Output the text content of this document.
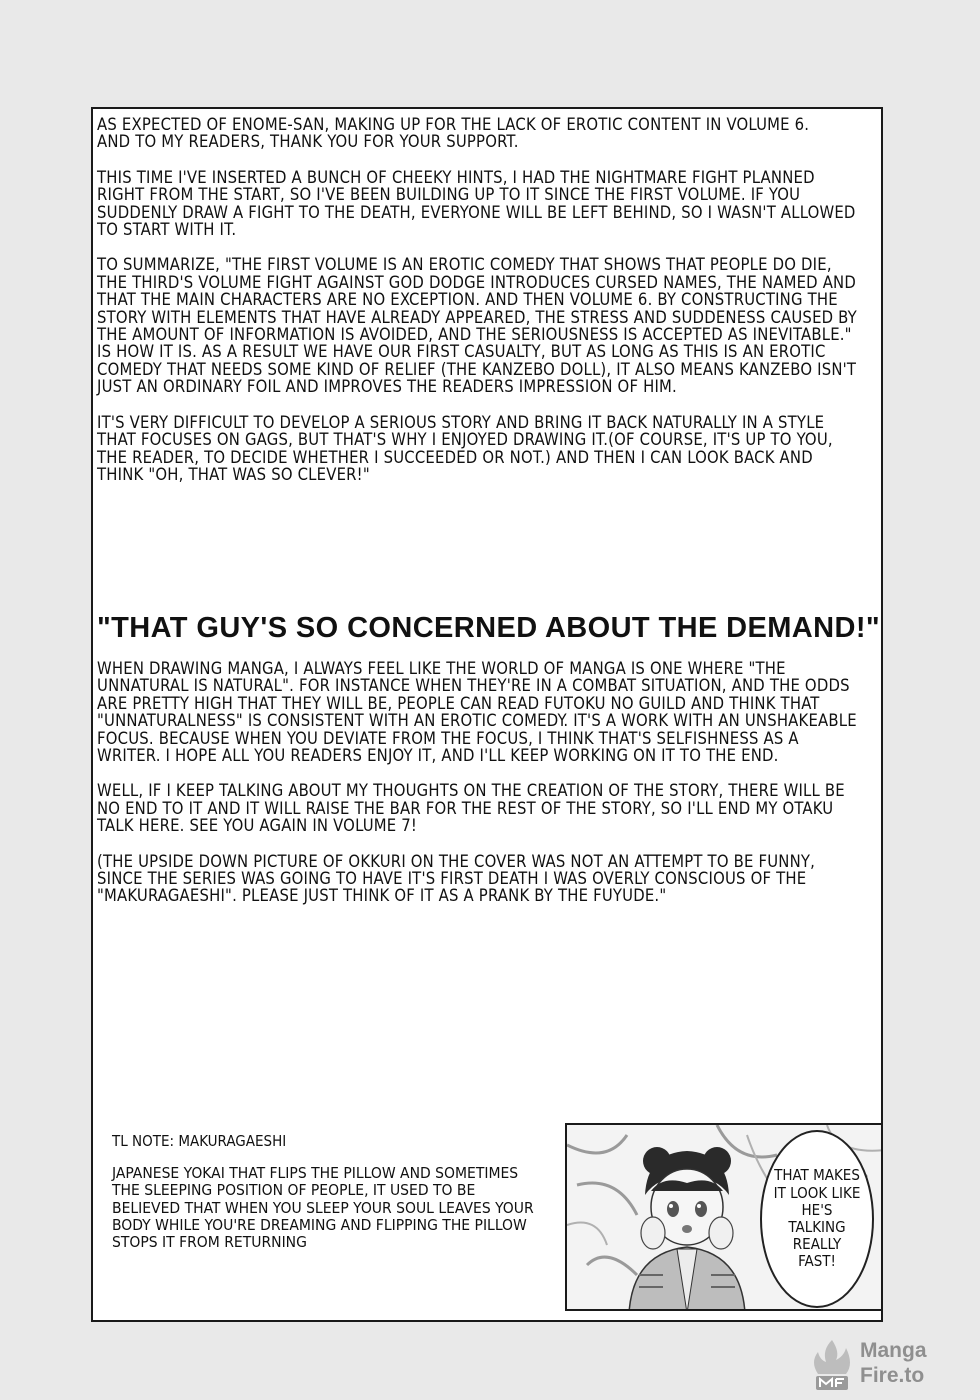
AS EXPECTED OF ENOME-SAN, MAKING UP FOR THE LACK OF EROTIC CONTENT IN VOLUME 6.
AND TO MY READERS, THANK YOU FOR YOUR SUPPORT.

THIS TIME I'VE INSERTED A BUNCH OF CHEEKY HINTS, I HAD THE NIGHTMARE FIGHT PLANNED RIGHT FROM THE START, SO I'VE BEEN BUILDING UP TO IT SINCE THE FIRST VOLUME. IF YOU SUDDENLY DRAW A FIGHT TO THE DEATH, EVERYONE WILL BE LEFT BEHIND, SO I WASN'T ALLOWED TO START WITH IT.

TO SUMMARIZE, "THE FIRST VOLUME IS AN EROTIC COMEDY THAT SHOWS THAT PEOPLE DO DIE, THE THIRD'S VOLUME FIGHT AGAINST GOD DODGE INTRODUCES CURSED NAMES, THE NAMED AND THAT THE MAIN CHARACTERS ARE NO EXCEPTION. AND THEN VOLUME 6. BY CONSTRUCTING THE STORY WITH ELEMENTS THAT HAVE ALREADY APPEARED, THE STRESS AND SUDDENESS CAUSED BY THE AMOUNT OF INFORMATION IS AVOIDED, AND THE SERIOUSNESS IS ACCEPTED AS INEVITABLE." IS HOW IT IS. AS A RESULT WE HAVE OUR FIRST CASUALTY, BUT AS LONG AS THIS IS AN EROTIC COMEDY THAT NEEDS SOME KIND OF RELIEF (THE KANZEBO DOLL), IT ALSO MEANS KANZEBO ISN'T JUST AN ORDINARY FOIL AND IMPROVES THE READERS IMPRESSION OF HIM.

IT'S VERY DIFFICULT TO DEVELOP A SERIOUS STORY AND BRING IT BACK NATURALLY IN A STYLE THAT FOCUSES ON GAGS, BUT THAT'S WHY I ENJOYED DRAWING IT.(OF COURSE, IT'S UP TO YOU, THE READER, TO DECIDE WHETHER I SUCCEEDED OR NOT.) AND THEN I CAN LOOK BACK AND THINK "OH, THAT WAS SO CLEVER!"

"THAT GUY'S SO CONCERNED ABOUT THE DEMAND!"

WHEN DRAWING MANGA, I ALWAYS FEEL LIKE THE WORLD OF MANGA IS ONE WHERE "THE UNNATURAL IS NATURAL". FOR INSTANCE WHEN THEY'RE IN A COMBAT SITUATION, AND THE ODDS ARE PRETTY HIGH THAT THEY WILL BE, PEOPLE CAN READ FUTOKU NO GUILD AND THINK THAT "UNNATURALNESS" IS CONSISTENT WITH AN EROTIC COMEDY. IT'S A WORK WITH AN UNSHAKEABLE FOCUS. BECAUSE WHEN YOU DEVIATE FROM THE FOCUS, I THINK THAT'S SELFISHNESS AS A WRITER. I HOPE ALL YOU READERS ENJOY IT, AND I'LL KEEP WORKING ON IT TO THE END.

WELL, IF I KEEP TALKING ABOUT MY THOUGHTS ON THE CREATION OF THE STORY, THERE WILL BE NO END TO IT AND IT WILL RAISE THE BAR FOR THE REST OF THE STORY, SO I'LL END MY OTAKU TALK HERE. SEE YOU AGAIN IN VOLUME 7!

(THE UPSIDE DOWN PICTURE OF OKKURI ON THE COVER WAS NOT AN ATTEMPT TO BE FUNNY, SINCE THE SERIES WAS GOING TO HAVE IT'S FIRST DEATH I WAS OVERLY CONSCIOUS OF THE "MAKURAGAESHI". PLEASE JUST THINK OF IT AS A PRANK BY THE FUYUDE."

TL NOTE: MAKURAGAESHI
JAPANESE YOKAI THAT FLIPS THE PILLOW AND SOMETIMES THE SLEEPING POSITION OF PEOPLE, IT USED TO BE BELIEVED THAT WHEN YOU SLEEP YOUR SOUL LEAVES YOUR BODY WHILE YOU'RE DREAMING AND FLIPPING THE PILLOW STOPS IT FROM RETURNING
THAT MAKES IT LOOK LIKE HE'S TALKING REALLY FAST!
Manga
Fire.to
